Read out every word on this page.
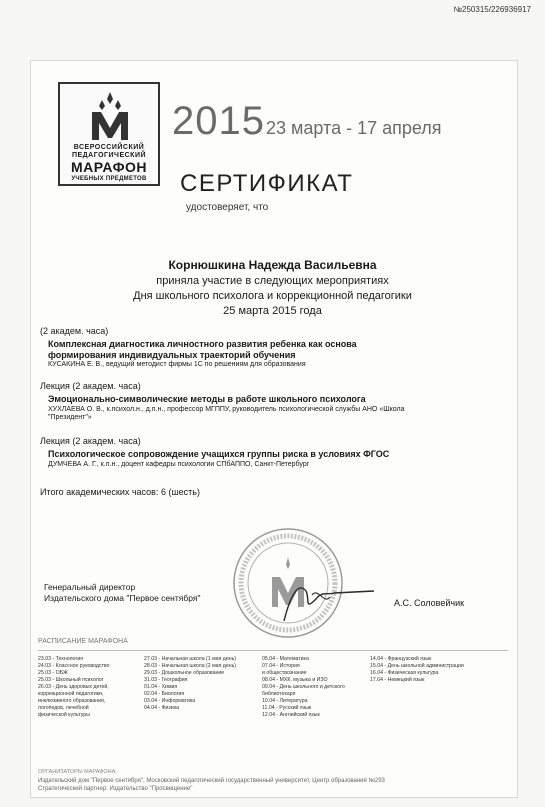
№250315/226936917
ВСЕРОССИЙСКИЙ
ПЕДАГОГИЧЕСКИЙ
МАРАФОН
УЧЕБНЫХ ПРЕДМЕТОВ
2015 23 марта - 17 апреля
СЕРТИФИКАТ
удостоверяет, что
Корнюшкина Надежда Васильевна
приняла участие в следующих мероприятиях
Дня школьного психолога и коррекционной педагогики
25 марта 2015 года
(2 академ. часа)
Комплексная диагностика личностного развития ребенка как основа
формирования индивидуальных траекторий обучения
КУСАКИНА Е. В., ведущий методист фирмы 1С по решениям для образования
Лекция (2 академ. часа)
Эмоционально-символические методы в работе школьного психолога
ХУХЛАЕВА О. В., к.психол.н., д.п.н., профессор МГППУ, руководитель психологической службы АНО «Школа
"Президент"»
Лекция (2 академ. часа)
Психологическое сопровождение учащихся группы риска в условиях ФГОС
ДУМЧЕВА А. Г., к.п.н., доцент кафедры психологии СПбАППО, Санкт-Петербург
Итого академических часов: 6 (шесть)
Генеральный директор
Издательского дома "Первое сентября"	А.С. Соловейчик
РАСПИСАНИЕ МАРАФОНА
23.03 - Технология
24.03 - Классное руководство
25.03 - ОБЖ
25.03 - Школьный психолог
26.03 - День здоровых детей,
коррекционной педагогики,
инклюзивного образования,
логопедов, лечебной
физической культуры
27.03 - Начальная школа (1 мая день)
28.03 - Начальная школа (2 мая день)
29.03 - Дошкольное образование
31.03 - География
01.04 - Химия
02.04 - Биология
03.04 - Информатика
04.04 - Физика
05.04 - Математика
07.04 - История
и обществознание
08.04 - МХК, музыка и ИЗО
09.04 - День школьного и детского
библиотекаря
10.04 - Литература
11.04 - Русский язык
12.04 - Английский язык
14.04 - Французский язык
15.04 - День школьной администрации
16.04 - Физическая культура
17.04 - Немецкий язык
ОРГАНИЗАТОРЫ МАРАФОНА:
Издательский дом "Первое сентября", Московский педагогический государственный университет, Центр образования №293
Стратегический партнер: Издательство "Просвещение"
